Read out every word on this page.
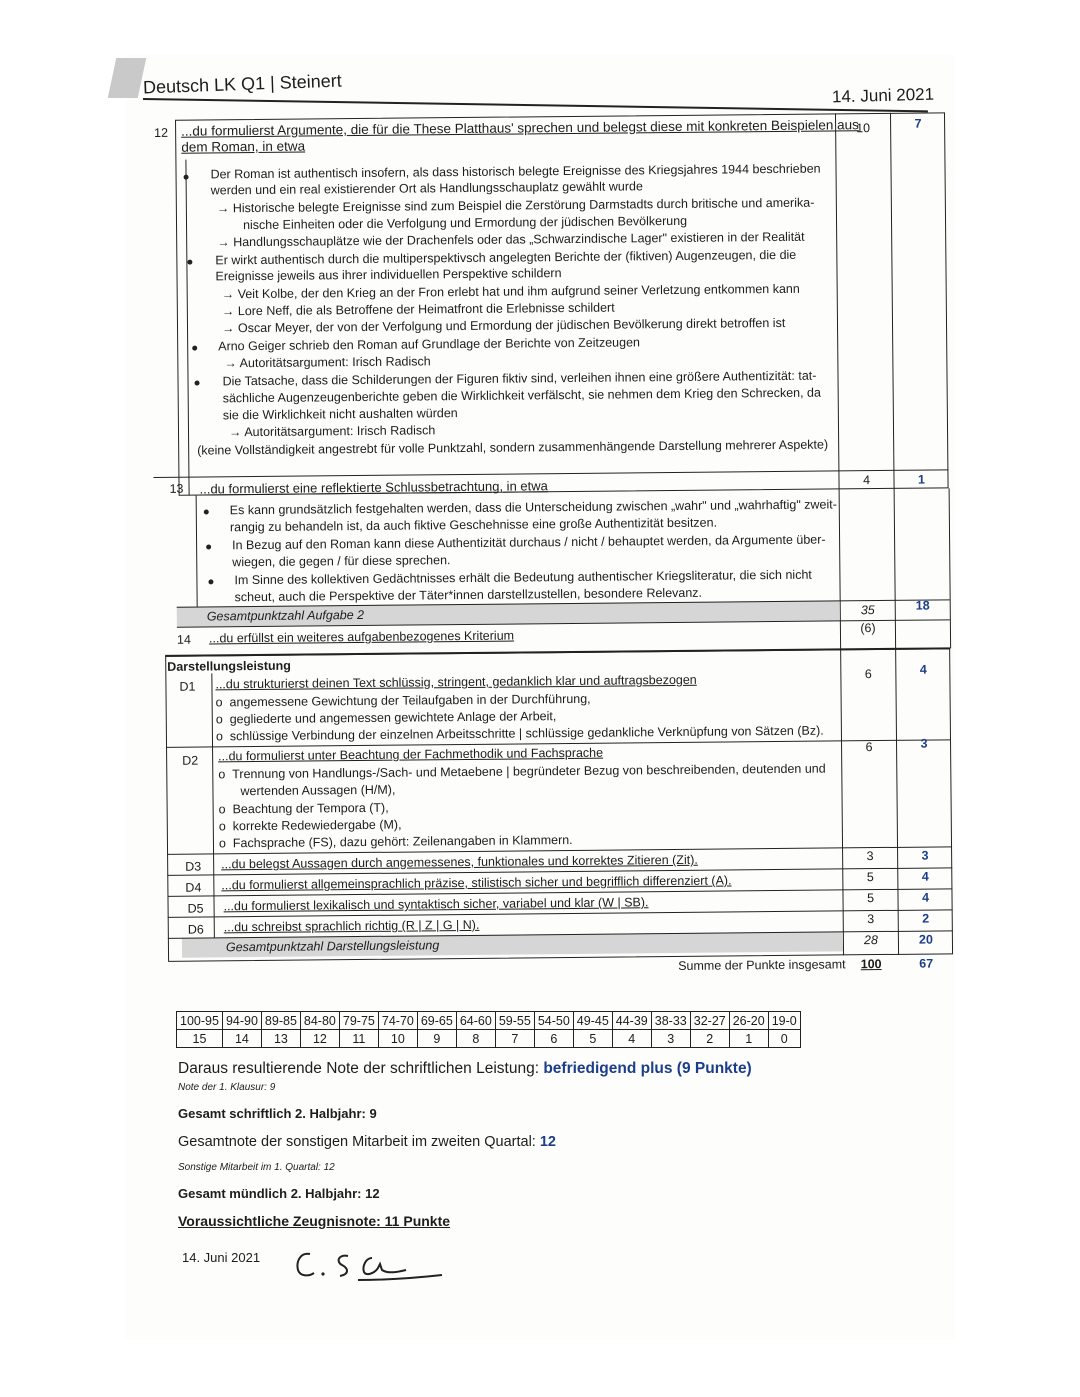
Deutsch LK Q1 | Steinert	14. Juni 2021
12 ...du formulierst Argumente, die für die These Platthaus' sprechen und belegst diese mit konkreten Beispielen aus
dem Roman, in etwa
10	7
Der Roman ist authentisch insofern, als dass historisch belegte Ereignisse des Kriegsjahres 1944 beschrieben
werden und ein real existierender Ort als Handlungsschauplatz gewählt wurde
→ Historische belegte Ereignisse sind zum Beispiel die Zerstörung Darmstadts durch britische und amerika-
nische Einheiten oder die Verfolgung und Ermordung der jüdischen Bevölkerung
→ Handlungsschauplätze wie der Drachenfels oder das „Schwarzindische Lager" existieren in der Realität
Er wirkt authentisch durch die multiperspektivsch angelegten Berichte der (fiktiven) Augenzeugen, die die
Ereignisse jeweils aus ihrer individuellen Perspektive schildern
→ Veit Kolbe, der den Krieg an der Fron erlebt hat und ihm aufgrund seiner Verletzung entkommen kann
→ Lore Neff, die als Betroffene der Heimatfront die Erlebnisse schildert
→ Oscar Meyer, der von der Verfolgung und Ermordung der jüdischen Bevölkerung direkt betroffen ist
Arno Geiger schrieb den Roman auf Grundlage der Berichte von Zeitzeugen
→ Autoritätsargument: Irisch Radisch
Die Tatsache, dass die Schilderungen der Figuren fiktiv sind, verleihen ihnen eine größere Authentizität: tat-
sächliche Augenzeugenberichte geben die Wirklichkeit verfälscht, sie nehmen dem Krieg den Schrecken, da
sie die Wirklichkeit nicht aushalten würden
→ Autoritätsargument: Irisch Radisch
(keine Vollständigkeit angestrebt für volle Punktzahl, sondern zusammenhängende Darstellung mehrerer Aspekte)
13 ...du formulierst eine reflektierte Schlussbetrachtung, in etwa	4	1
Es kann grundsätzlich festgehalten werden, dass die Unterscheidung zwischen „wahr" und „wahrhaftig" zweit-
rangig zu behandeln ist, da auch fiktive Geschehnisse eine große Authentizität besitzen.
In Bezug auf den Roman kann diese Authentizität durchaus / nicht / behauptet werden, da Argumente über-
wiegen, die gegen / für diese sprechen.
Im Sinne des kollektiven Gedächtnisses erhält die Bedeutung authentischer Kriegsliteratur, die sich nicht
scheut, auch die Perspektive der Täter*innen darstellzustellen, besondere Relevanz.
Gesamtpunktzahl Aufgabe 2	35	18
14 ...du erfüllst ein weiteres aufgabenbezogenes Kriterium
(6)
Darstellungsleistung
D1 ...du strukturierst deinen Text schlüssig, stringent, gedanklich klar und auftragsbezogen	6	4
o  angemessene Gewichtung der Teilaufgaben in der Durchführung,
o  gegliederte und angemessen gewichtete Anlage der Arbeit,
o  schlüssige Verbindung der einzelnen Arbeitsschritte | schlüssige gedankliche Verknüpfung von Sätzen (Bz).
D2 ...du formulierst unter Beachtung der Fachmethodik und Fachsprache	6	3
o  Trennung von Handlungs-/Sach- und Metaebene | begründeter Bezug von beschreibenden, deutenden und
wertenden Aussagen (H/M),
o  Beachtung der Tempora (T),
o  korrekte Redewiedergabe (M),
o  Fachsprache (FS), dazu gehört: Zeilenangaben in Klammern.
D3 ...du belegst Aussagen durch angemessenes, funktionales und korrektes Zitieren (Zit).	3	3
D4 ...du formulierst allgemeinsprachlich präzise, stilistisch sicher und begrifflich differenziert (A).	5	4
D5 ...du formulierst lexikalisch und syntaktisch sicher, variabel und klar (W | SB).	5	4
D6 ...du schreibst sprachlich richtig (R | Z | G | N).	3	2
Gesamtpunktzahl Darstellungsleistung	28	20
Summe der Punkte insgesamt	100	67
100-95	94-90	89-85	84-80	79-75	74-70	69-65	64-60	59-55	54-50	49-45	44-39	38-33	32-27	26-20	19-0
15	14	13	12	11	10	9	8	7	6	5	4	3	2	1	0
Daraus resultierende Note der schriftlichen Leistung: befriedigend plus (9 Punkte)
Note der 1. Klausur: 9
Gesamt schriftlich 2. Halbjahr: 9
Gesamtnote der sonstigen Mitarbeit im zweiten Quartal: 12
Sonstige Mitarbeit im 1. Quartal: 12
Gesamt mündlich 2. Halbjahr: 12
Voraussichtliche Zeugnisnote: 11 Punkte
14. Juni 2021
